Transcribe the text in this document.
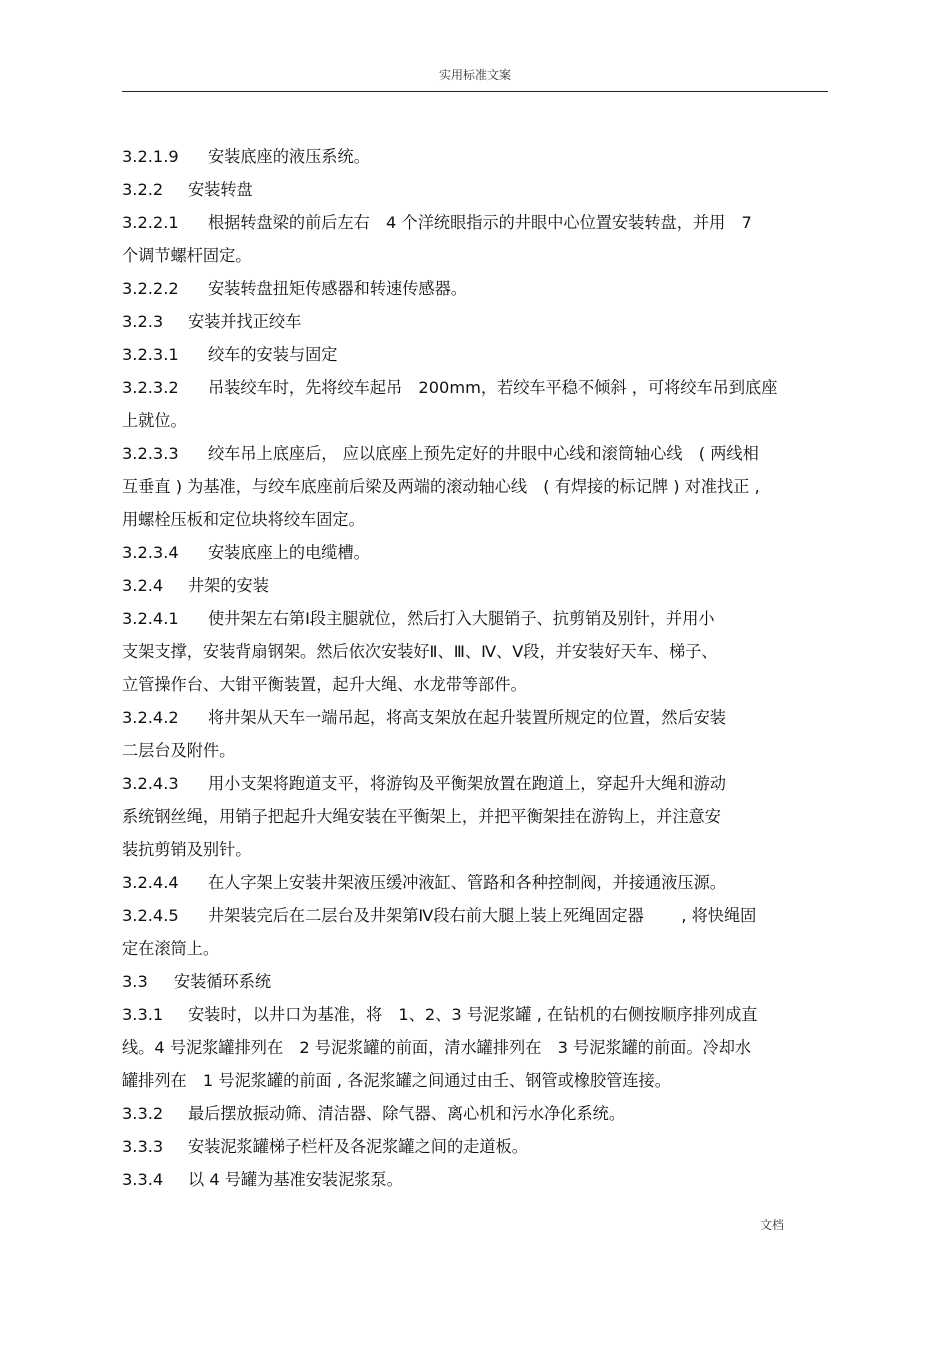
实用标准文案
3.2.1.9 安装底座的液压系统。
3.2.2 安装转盘
3.2.2.1 根据转盘梁的前后左右　4 个洋统眼指示的井眼中心位置安装转盘，并用　7
个调节螺杆固定。
3.2.2.2 安装转盘扭矩传感器和转速传感器。
3.2.3 安装并找正绞车
3.2.3.1 绞车的安装与固定
3.2.3.2 吊装绞车时，先将绞车起吊　200mm，若绞车平稳不倾斜 ，可将绞车吊到底座
上就位。
3.2.3.3 绞车吊上底座后， 应以底座上预先定好的井眼中心线和滚筒轴心线　( 两线相
互垂直 ) 为基准，与绞车底座前后梁及两端的滚动轴心线　( 有焊接的标记牌 ) 对准找正 ,
用螺栓压板和定位块将绞车固定。
3.2.3.4 安装底座上的电缆槽。
3.2.4 井架的安装
3.2.4.1 使井架左右第Ⅰ段主腿就位，然后打入大腿销子、抗剪销及别针，并用小
支架支撑，安装背扇钢架。然后依次安装好Ⅱ、Ⅲ、Ⅳ、Ⅴ段，并安装好天车、梯子、
立管操作台、大钳平衡装置，起升大绳、水龙带等部件。
3.2.4.2 将井架从天车一端吊起，将高支架放在起升装置所规定的位置，然后安装
二层台及附件。
3.2.4.3 用小支架将跑道支平，将游钩及平衡架放置在跑道上，穿起升大绳和游动
系统钢丝绳，用销子把起升大绳安装在平衡架上，并把平衡架挂在游钩上，并注意安
装抗剪销及别针。
3.2.4.4 在人字架上安装井架液压缓冲液缸、管路和各种控制阀，并接通液压源。
3.2.4.5 井架装完后在二层台及井架第Ⅳ段右前大腿上装上死绳固定器　　 , 将快绳固
定在滚筒上。
3.3 安装循环系统
3.3.1 安装时，以井口为基准，将　1、2、3 号泥浆罐 , 在钻机的右侧按顺序排列成直
线。4 号泥浆罐排列在　2 号泥浆罐的前面，清水罐排列在　3 号泥浆罐的前面。冷却水
罐排列在　1 号泥浆罐的前面 , 各泥浆罐之间通过由壬、钢管或橡胶管连接。
3.3.2 最后摆放振动筛、清洁器、除气器、离心机和污水净化系统。
3.3.3 安装泥浆罐梯子栏杆及各泥浆罐之间的走道板。
3.3.4 以 4 号罐为基准安装泥浆泵。
文档
